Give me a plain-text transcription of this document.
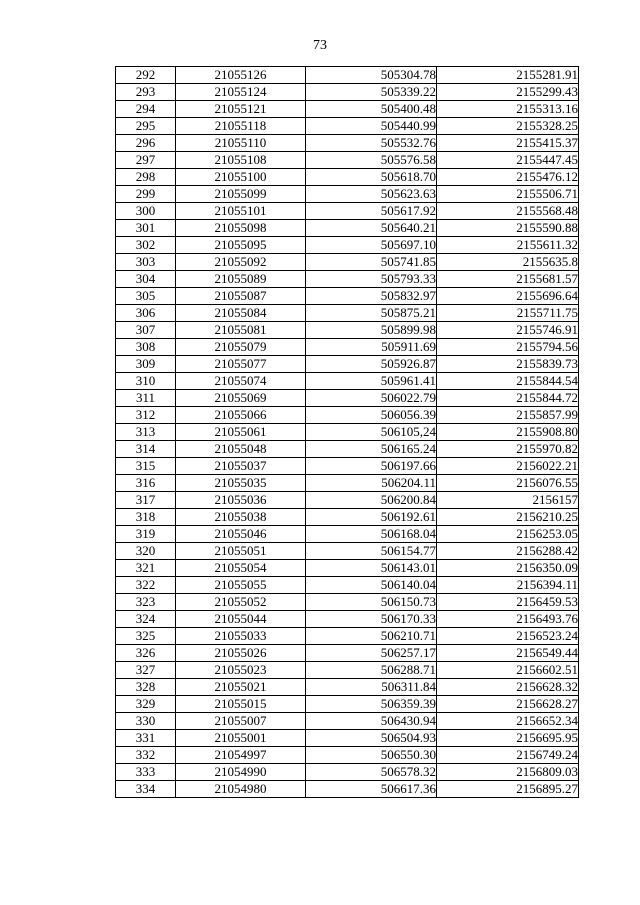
73
292	21055126	505304.78	2155281.91
293	21055124	505339.22	2155299.43
294	21055121	505400.48	2155313.16
295	21055118	505440.99	2155328.25
296	21055110	505532.76	2155415.37
297	21055108	505576.58	2155447.45
298	21055100	505618.70	2155476.12
299	21055099	505623.63	2155506.71
300	21055101	505617.92	2155568.48
301	21055098	505640.21	2155590.88
302	21055095	505697.10	2155611.32
303	21055092	505741.85	2155635.8
304	21055089	505793.33	2155681.57
305	21055087	505832.97	2155696.64
306	21055084	505875.21	2155711.75
307	21055081	505899.98	2155746.91
308	21055079	505911.69	2155794.56
309	21055077	505926.87	2155839.73
310	21055074	505961.41	2155844.54
311	21055069	506022.79	2155844.72
312	21055066	506056.39	2155857.99
313	21055061	506105,24	2155908.80
314	21055048	506165.24	2155970.82
315	21055037	506197.66	2156022.21
316	21055035	506204.11	2156076.55
317	21055036	506200.84	2156157
318	21055038	506192.61	2156210.25
319	21055046	506168.04	2156253.05
320	21055051	506154.77	2156288.42
321	21055054	506143.01	2156350.09
322	21055055	506140.04	2156394.11
323	21055052	506150.73	2156459.53
324	21055044	506170.33	2156493.76
325	21055033	506210.71	2156523.24
326	21055026	506257.17	2156549.44
327	21055023	506288.71	2156602.51
328	21055021	506311.84	2156628.32
329	21055015	506359.39	2156628.27
330	21055007	506430.94	2156652.34
331	21055001	506504.93	2156695.95
332	21054997	506550.30	2156749.24
333	21054990	506578.32	2156809.03
334	21054980	506617.36	2156895.27
